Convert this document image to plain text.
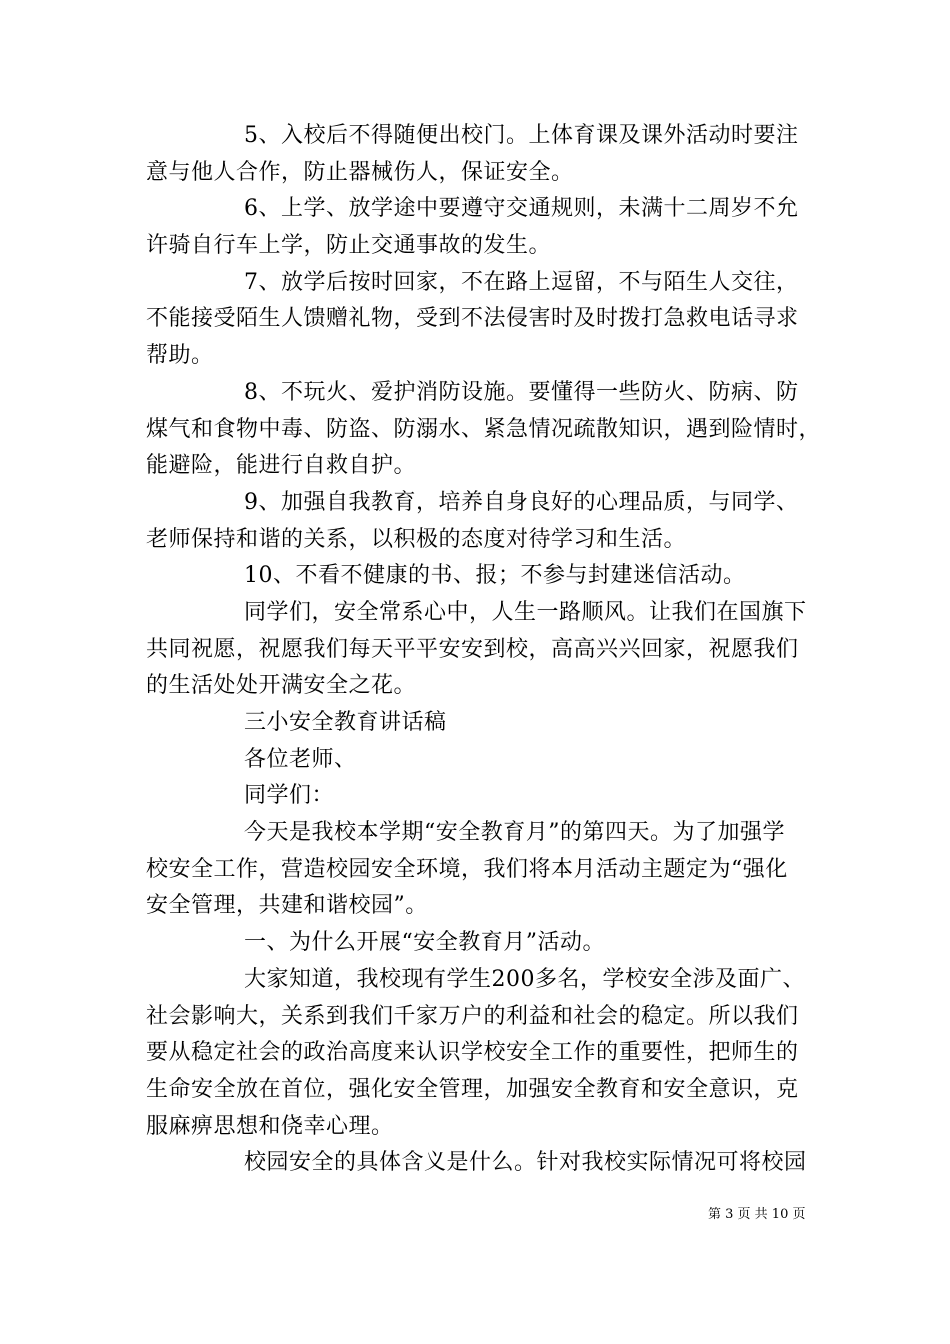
5、入校后不得随便出校门。上体育课及课外活动时要注
意与他人合作，防止器械伤人，保证安全。
6、上学、放学途中要遵守交通规则，未满十二周岁不允
许骑自行车上学，防止交通事故的发生。
7、放学后按时回家，不在路上逗留，不与陌生人交往，
不能接受陌生人馈赠礼物，受到不法侵害时及时拨打急救电话寻求
帮助。
8、不玩火、爱护消防设施。要懂得一些防火、防病、防
煤气和食物中毒、防盗、防溺水、紧急情况疏散知识，遇到险情时，
能避险，能进行自救自护。
9、加强自我教育，培养自身良好的心理品质，与同学、
老师保持和谐的关系，以积极的态度对待学习和生活。
10、不看不健康的书、报；不参与封建迷信活动。
同学们，安全常系心中，人生一路顺风。让我们在国旗下
共同祝愿，祝愿我们每天平平安安到校，高高兴兴回家，祝愿我们
的生活处处开满安全之花。
三小安全教育讲话稿
各位老师、
同学们：
今天是我校本学期“安全教育月”的第四天。为了加强学
校安全工作，营造校园安全环境，我们将本月活动主题定为“强化
安全管理，共建和谐校园”。
一、为什么开展“安全教育月”活动。
大家知道，我校现有学生200多名，学校安全涉及面广、
社会影响大，关系到我们千家万户的利益和社会的稳定。所以我们
要从稳定社会的政治高度来认识学校安全工作的重要性，把师生的
生命安全放在首位，强化安全管理，加强安全教育和安全意识，克
服麻痹思想和侥幸心理。
校园安全的具体含义是什么。针对我校实际情况可将校园
第 3 页 共 10 页
